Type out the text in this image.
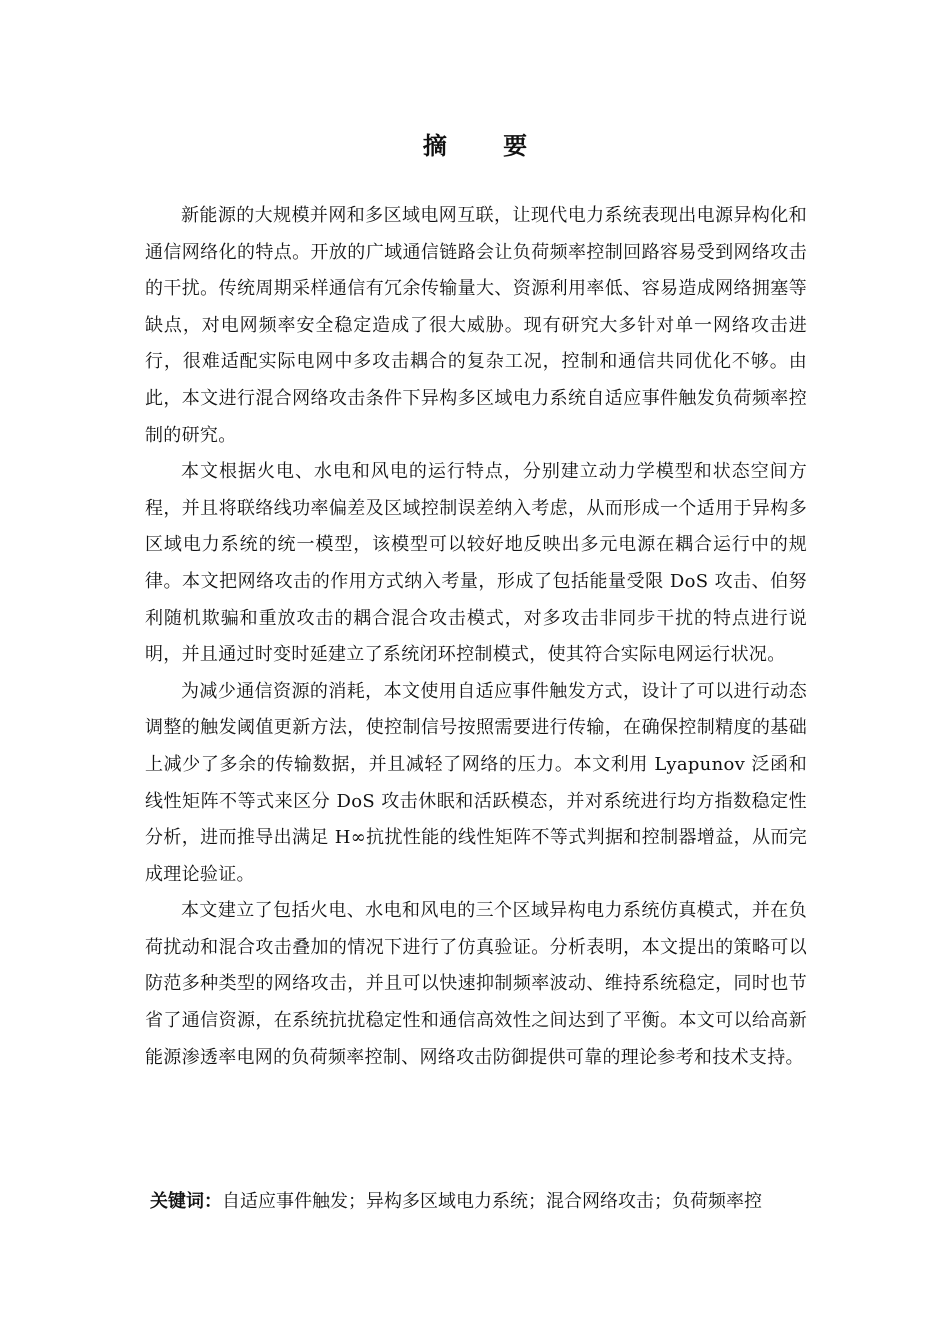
摘 要

新能源的大规模并网和多区域电网互联，让现代电力系统表现出电源异构化和通信网络化的特点。开放的广域通信链路会让负荷频率控制回路容易受到网络攻击的干扰。传统周期采样通信有冗余传输量大、资源利用率低、容易造成网络拥塞等缺点，对电网频率安全稳定造成了很大威胁。现有研究大多针对单一网络攻击进行，很难适配实际电网中多攻击耦合的复杂工况，控制和通信共同优化不够。由此，本文进行混合网络攻击条件下异构多区域电力系统自适应事件触发负荷频率控制的研究。

本文根据火电、水电和风电的运行特点，分别建立动力学模型和状态空间方程，并且将联络线功率偏差及区域控制误差纳入考虑，从而形成一个适用于异构多区域电力系统的统一模型，该模型可以较好地反映出多元电源在耦合运行中的规律。本文把网络攻击的作用方式纳入考量，形成了包括能量受限 DoS 攻击、伯努利随机欺骗和重放攻击的耦合混合攻击模式，对多攻击非同步干扰的特点进行说明，并且通过时变时延建立了系统闭环控制模式，使其符合实际电网运行状况。

为减少通信资源的消耗，本文使用自适应事件触发方式，设计了可以进行动态调整的触发阈值更新方法，使控制信号按照需要进行传输，在确保控制精度的基础上减少了多余的传输数据，并且减轻了网络的压力。本文利用 Lyapunov 泛函和线性矩阵不等式来区分 DoS 攻击休眠和活跃模态，并对系统进行均方指数稳定性分析，进而推导出满足 H∞抗扰性能的线性矩阵不等式判据和控制器增益，从而完成理论验证。

本文建立了包括火电、水电和风电的三个区域异构电力系统仿真模式，并在负荷扰动和混合攻击叠加的情况下进行了仿真验证。分析表明，本文提出的策略可以防范多种类型的网络攻击，并且可以快速抑制频率波动、维持系统稳定，同时也节省了通信资源，在系统抗扰稳定性和通信高效性之间达到了平衡。本文可以给高新能源渗透率电网的负荷频率控制、网络攻击防御提供可靠的理论参考和技术支持。

关键词：自适应事件触发；异构多区域电力系统；混合网络攻击；负荷频率控
